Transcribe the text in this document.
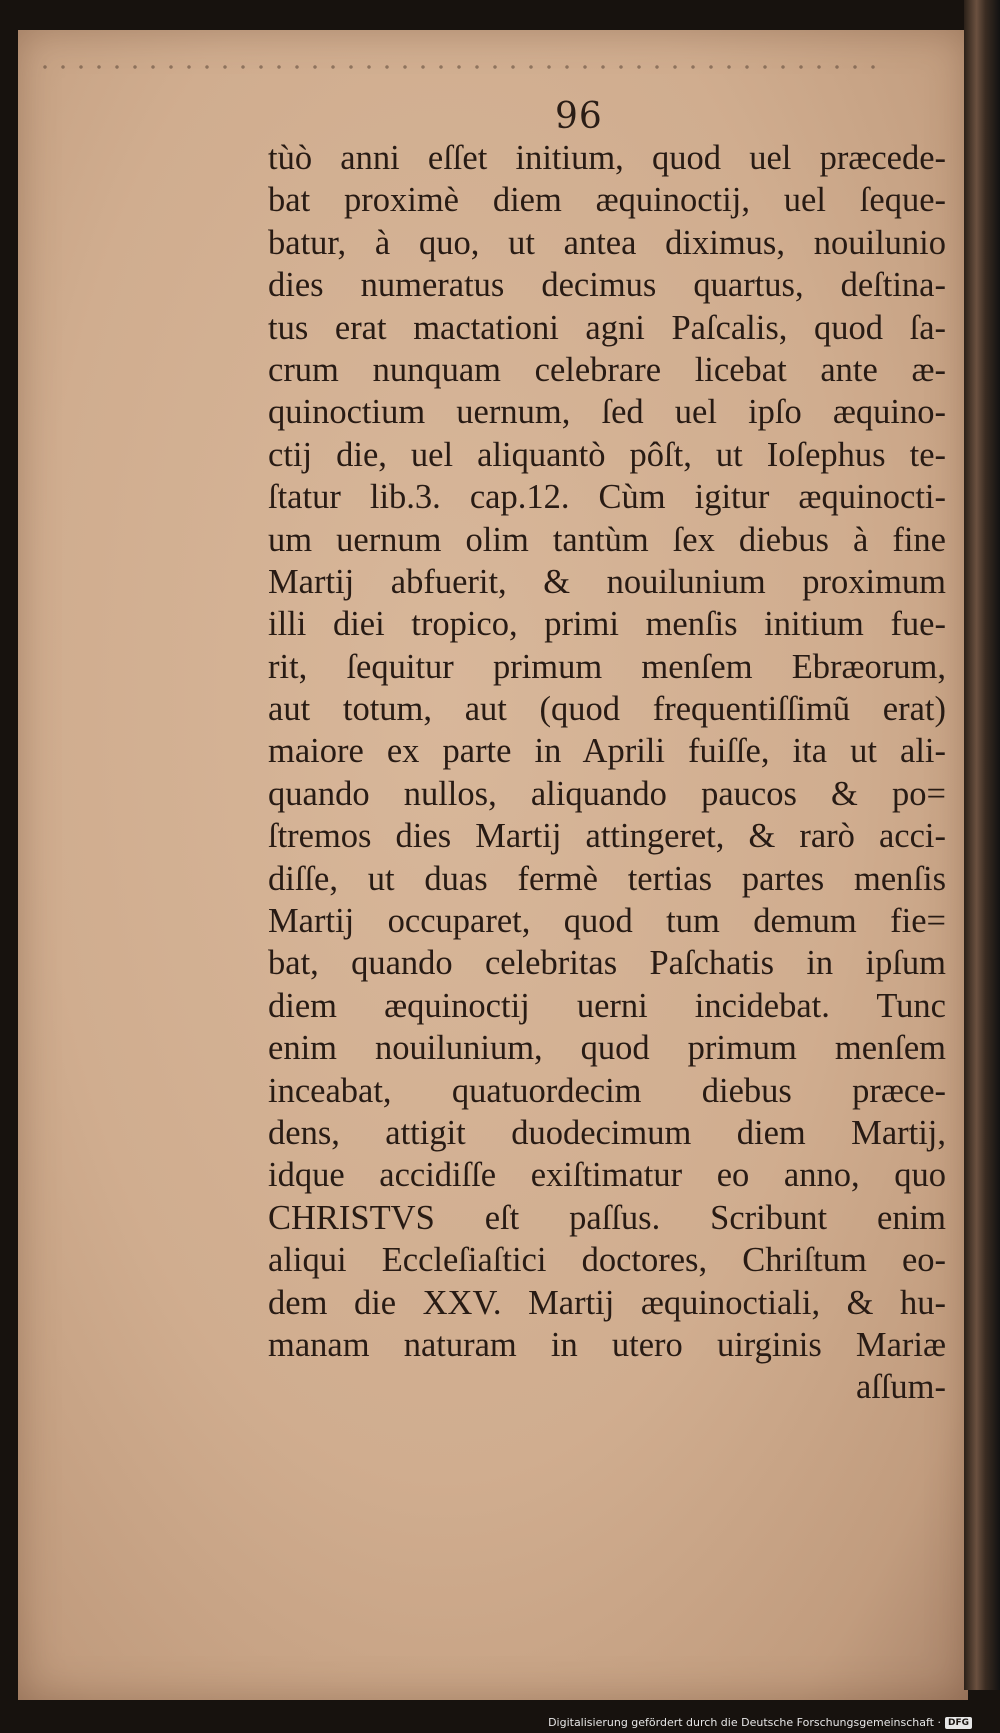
96
tùò anni eſſet initium, quod uel præcede-
bat proximè diem æquinoctij, uel ſeque-
batur, à quo, ut antea diximus, nouilunio
dies numeratus decimus quartus, deſtina-
tus erat mactationi agni Paſcalis, quod ſa-
crum nunquam celebrare licebat ante æ-
quinoctium uernum, ſed uel ipſo æquino-
ctij die, uel aliquantò pôſt, ut Ioſephus te-
ſtatur lib.3. cap.12. Cùm igitur æquinocti-
um uernum olim tantùm ſex diebus à fine
Martij abfuerit, & nouilunium proximum
illi diei tropico, primi menſis initium fue-
rit, ſequitur primum menſem Ebræorum,
aut totum, aut (quod frequentiſſimũ erat)
maiore ex parte in Aprili fuiſſe, ita ut ali-
quando nullos, aliquando paucos & po=
ſtremos dies Martij attingeret, & rarò acci-
diſſe, ut duas fermè tertias partes menſis
Martij occuparet, quod tum demum fie=
bat, quando celebritas Paſchatis in ipſum
diem æquinoctij uerni incidebat. Tunc
enim nouilunium, quod primum menſem
inceabat, quatuordecim diebus præce-
dens, attigit duodecimum diem Martij,
idque accidiſſe exiſtimatur eo anno, quo
CHRISTVS eſt paſſus. Scribunt enim
aliqui Eccleſiaſtici doctores, Chriſtum eo-
dem die XXV. Martij æquinoctiali, & hu-
manam naturam in utero uirginis Mariæ
aſſum-
Digitalisierung gefördert durch die Deutsche Forschungsgemeinschaft · DFG
